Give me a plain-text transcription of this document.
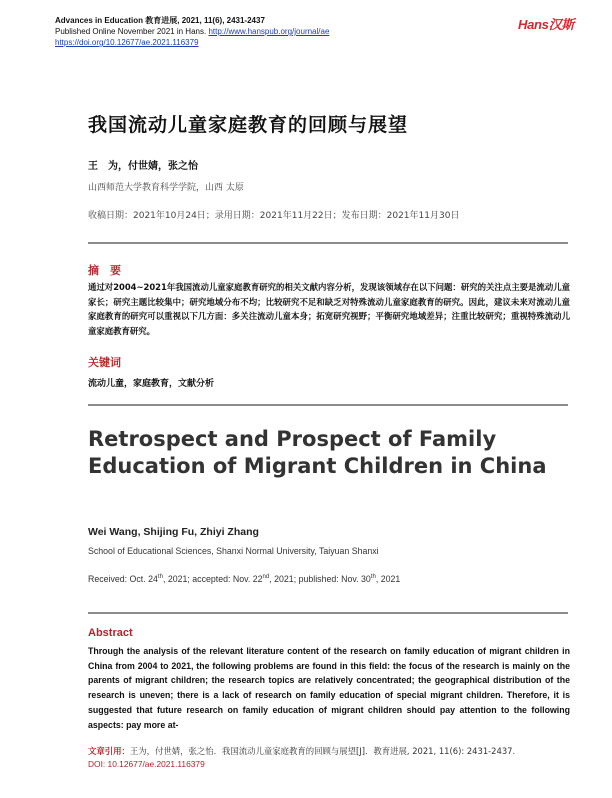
Advances in Education 教育进展, 2021, 11(6), 2431-2437
Published Online November 2021 in Hans. http://www.hanspub.org/journal/ae
https://doi.org/10.12677/ae.2021.116379
Hans汉斯
我国流动儿童家庭教育的回顾与展望
王　为，付世婧，张之怡
山西师范大学教育科学学院，山西 太原
收稿日期：2021年10月24日；录用日期：2021年11月22日；发布日期：2021年11月30日
摘　要
通过对2004~2021年我国流动儿童家庭教育研究的相关文献内容分析，发现该领域存在以下问题：研究的关注点主要是流动儿童家长；研究主题比较集中；研究地域分布不均；比较研究不足和缺乏对特殊流动儿童家庭教育的研究。因此，建议未来对流动儿童家庭教育的研究可以重视以下几方面：多关注流动儿童本身；拓宽研究视野；平衡研究地域差异；注重比较研究；重视特殊流动儿童家庭教育研究。
关键词
流动儿童，家庭教育，文献分析
Retrospect and Prospect of Family Education of Migrant Children in China
Wei Wang, Shijing Fu, Zhiyi Zhang
School of Educational Sciences, Shanxi Normal University, Taiyuan Shanxi
Received: Oct. 24th, 2021; accepted: Nov. 22nd, 2021; published: Nov. 30th, 2021
Abstract
Through the analysis of the relevant literature content of the research on family education of migrant children in China from 2004 to 2021, the following problems are found in this field: the focus of the research is mainly on the parents of migrant children; the research topics are relatively concentrated; the geographical distribution of the research is uneven; there is a lack of research on family education of special migrant children. Therefore, it is suggested that future research on family education of migrant children should pay attention to the following aspects: pay more at-
文章引用：王为，付世婧，张之怡．我国流动儿童家庭教育的回顾与展望[J]．教育进展, 2021, 11(6): 2431-2437.
DOI: 10.12677/ae.2021.116379
